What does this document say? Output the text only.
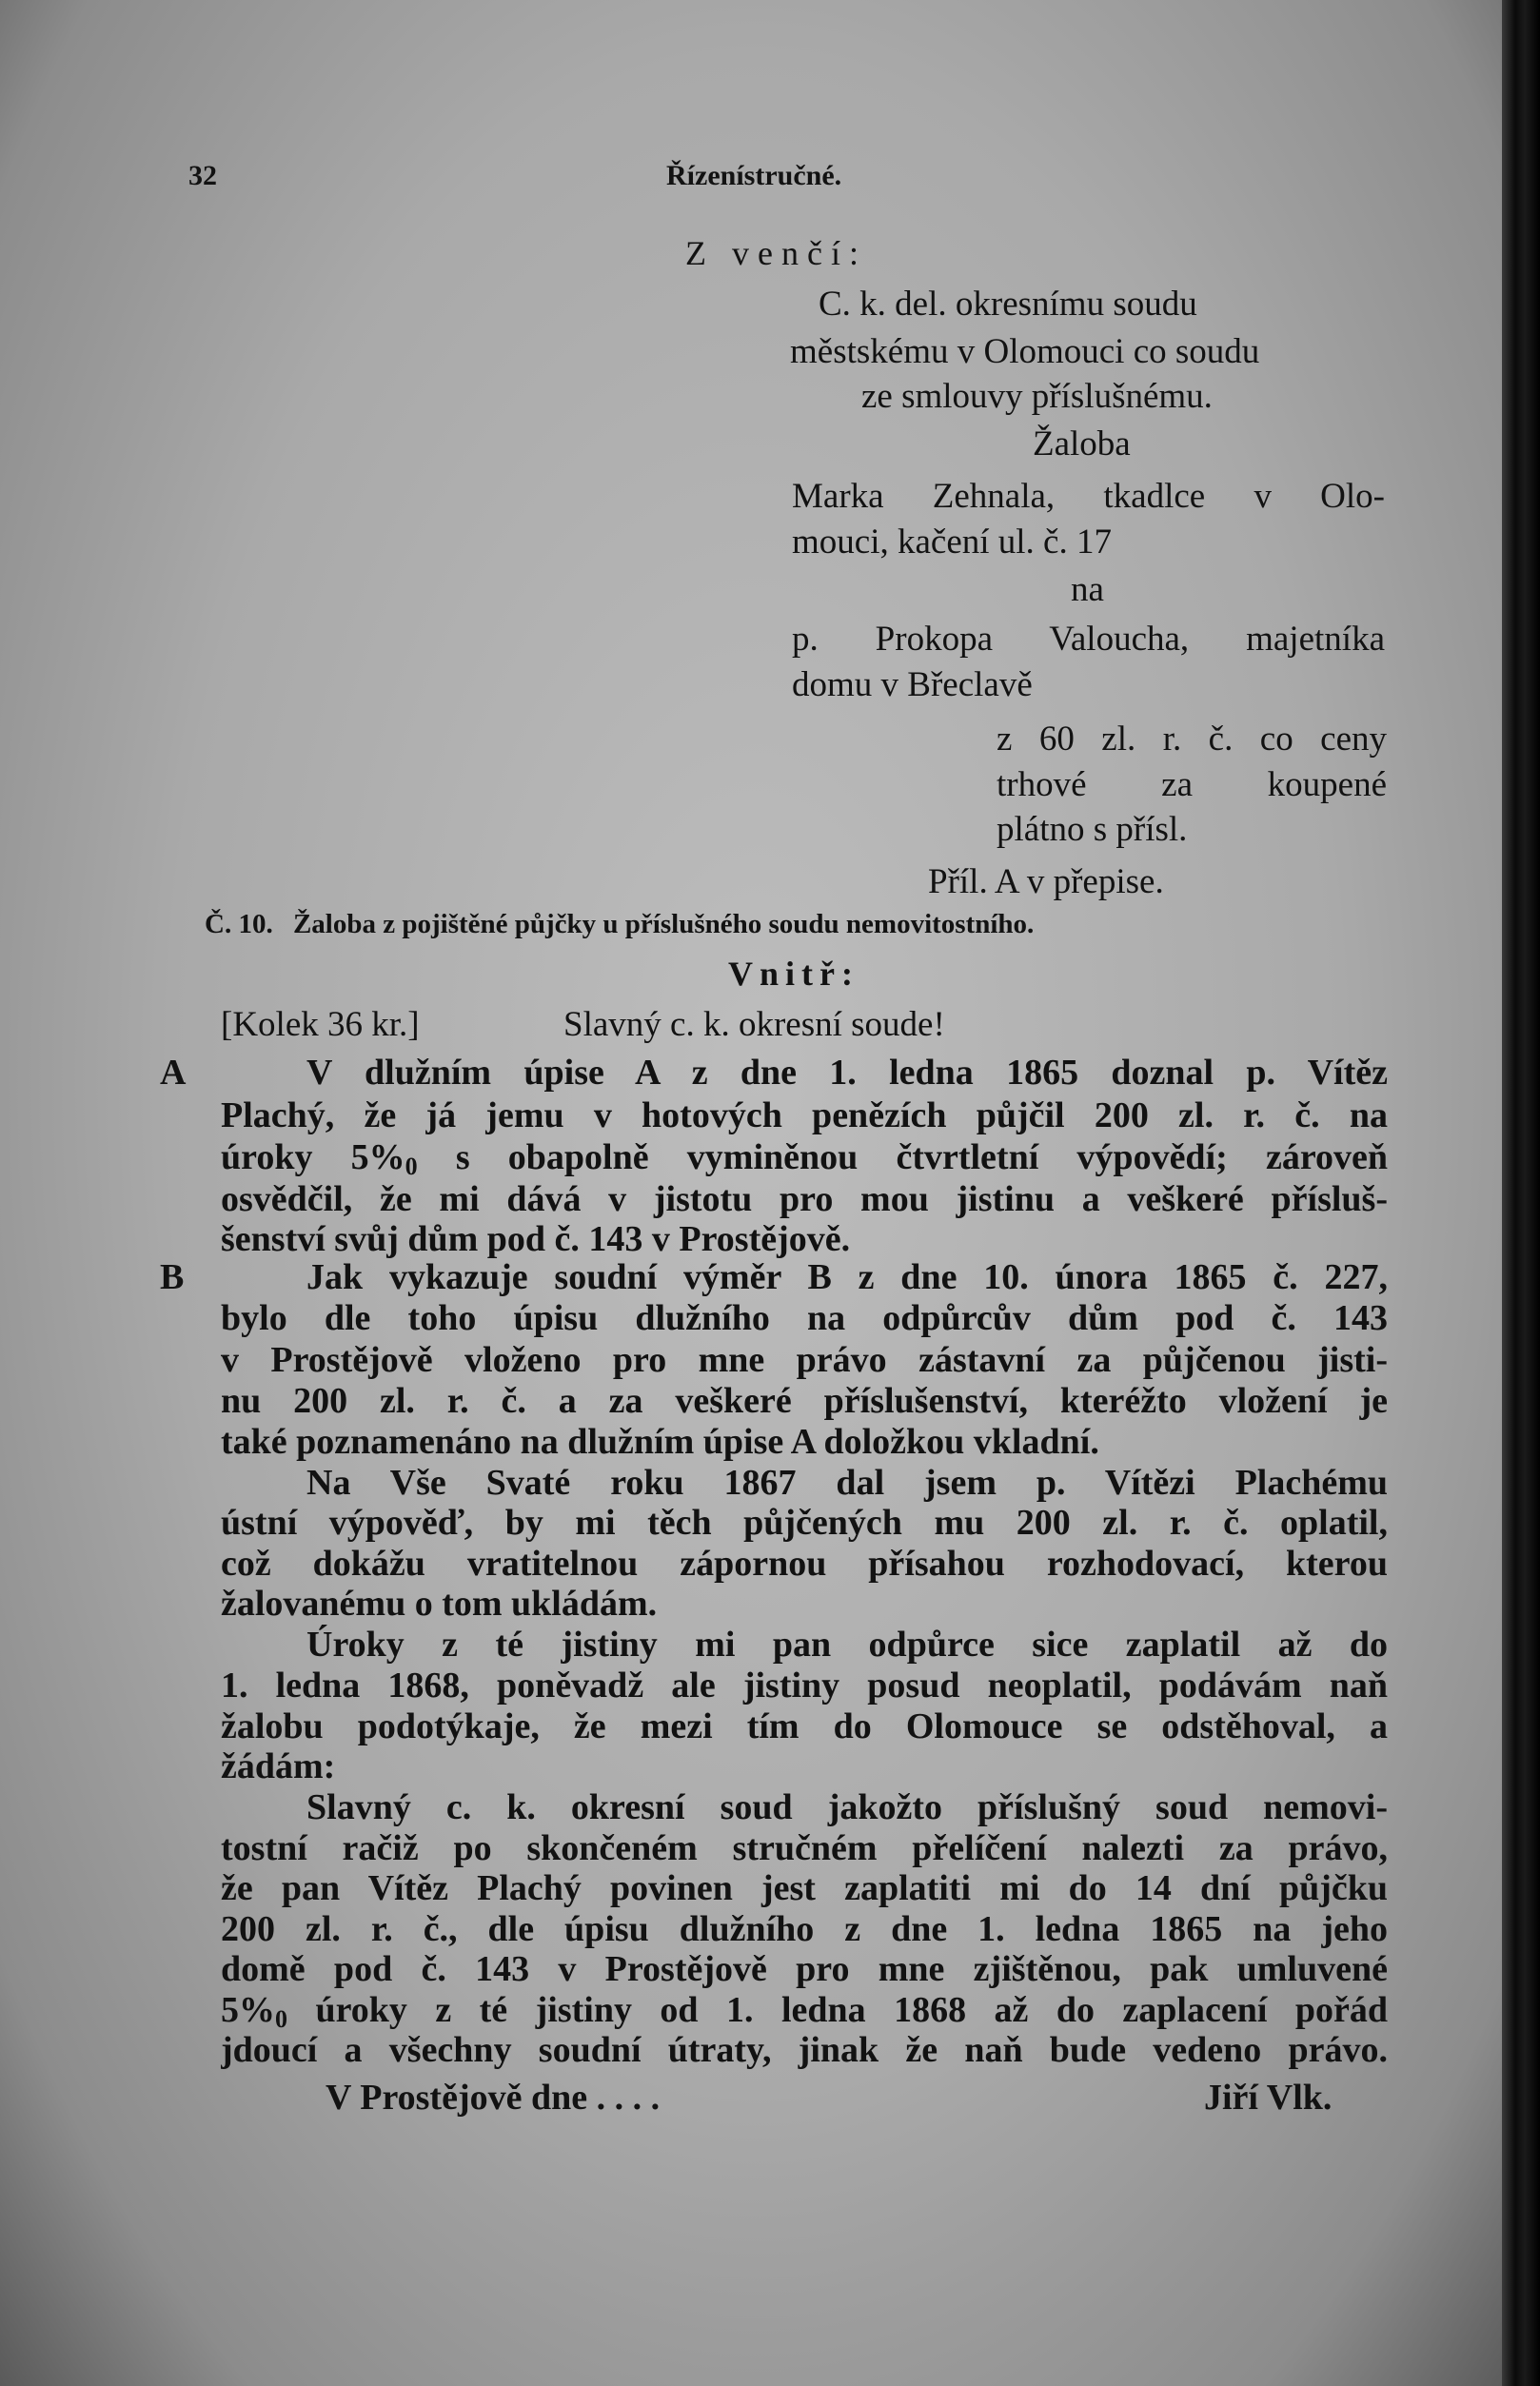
32	Řízenístručné.
Z venčí:
C. k. del. okresnímu soudu
městskému v Olomouci co soudu
ze smlouvy příslušnému.
Žaloba
Marka Zehnala, tkadlce v Olo-
mouci, kačení ul. č. 17
na
p. Prokopa Valoucha, majetníka
domu v Břeclavě
z 60 zl. r. č. co ceny
trhové za koupené
plátno s přísl.
Příl. A v přepise.
Č. 10. Žaloba z pojištěné půjčky u příslušného soudu nemovitostního.
Vnitř:
[Kolek 36 kr.]	Slavný c. k. okresní soude!
A
B
V dlužním úpise A z dne 1. ledna 1865 doznal p. Vítěz
Plachý, že já jemu v hotových penězích půjčil 200 zl. r. č. na
úroky $5\%_0$ s obapolně vyminěnou čtvrtletní výpovědí; zároveň
osvědčil, že mi dává v jistotu pro mou jistinu a veškeré přísluš-
šenství svůj dům pod č. 143 v Prostějově.
Jak vykazuje soudní výměr B z dne 10. února 1865 č. 227,
bylo dle toho úpisu dlužního na odpůrcův dům pod č. 143
v Prostějově vloženo pro mne právo zástavní za půjčenou jisti-
nu 200 zl. r. č. a za veškeré příslušenství, kteréžto vložení je
také poznamenáno na dlužním úpise A doložkou vkladní.
Na Vše Svaté roku 1867 dal jsem p. Vítězi Plachému
ústní výpověď, by mi těch půjčených mu 200 zl. r. č. oplatil,
což dokážu vratitelnou zápornou přísahou rozhodovací, kterou
žalovanému o tom ukládám.
Úroky z té jistiny mi pan odpůrce sice zaplatil až do
1. ledna 1868, poněvadž ale jistiny posud neoplatil, podávám naň
žalobu podotýkaje, že mezi tím do Olomouce se odstěhoval, a
žádám:
Slavný c. k. okresní soud jakožto příslušný soud nemovi-
tostní račiž po skončeném stručném přelíčení nalezti za právo,
že pan Vítěz Plachý povinen jest zaplatiti mi do 14 dní půjčku
200 zl. r. č., dle úpisu dlužního z dne 1. ledna 1865 na jeho
domě pod č. 143 v Prostějově pro mne zjištěnou, pak umluvené
$5\%_0$ úroky z té jistiny od 1. ledna 1868 až do zaplacení pořád
jdoucí a všechny soudní útraty, jinak že naň bude vedeno právo.
V Prostějově dne . . . .	Jiří Vlk.
